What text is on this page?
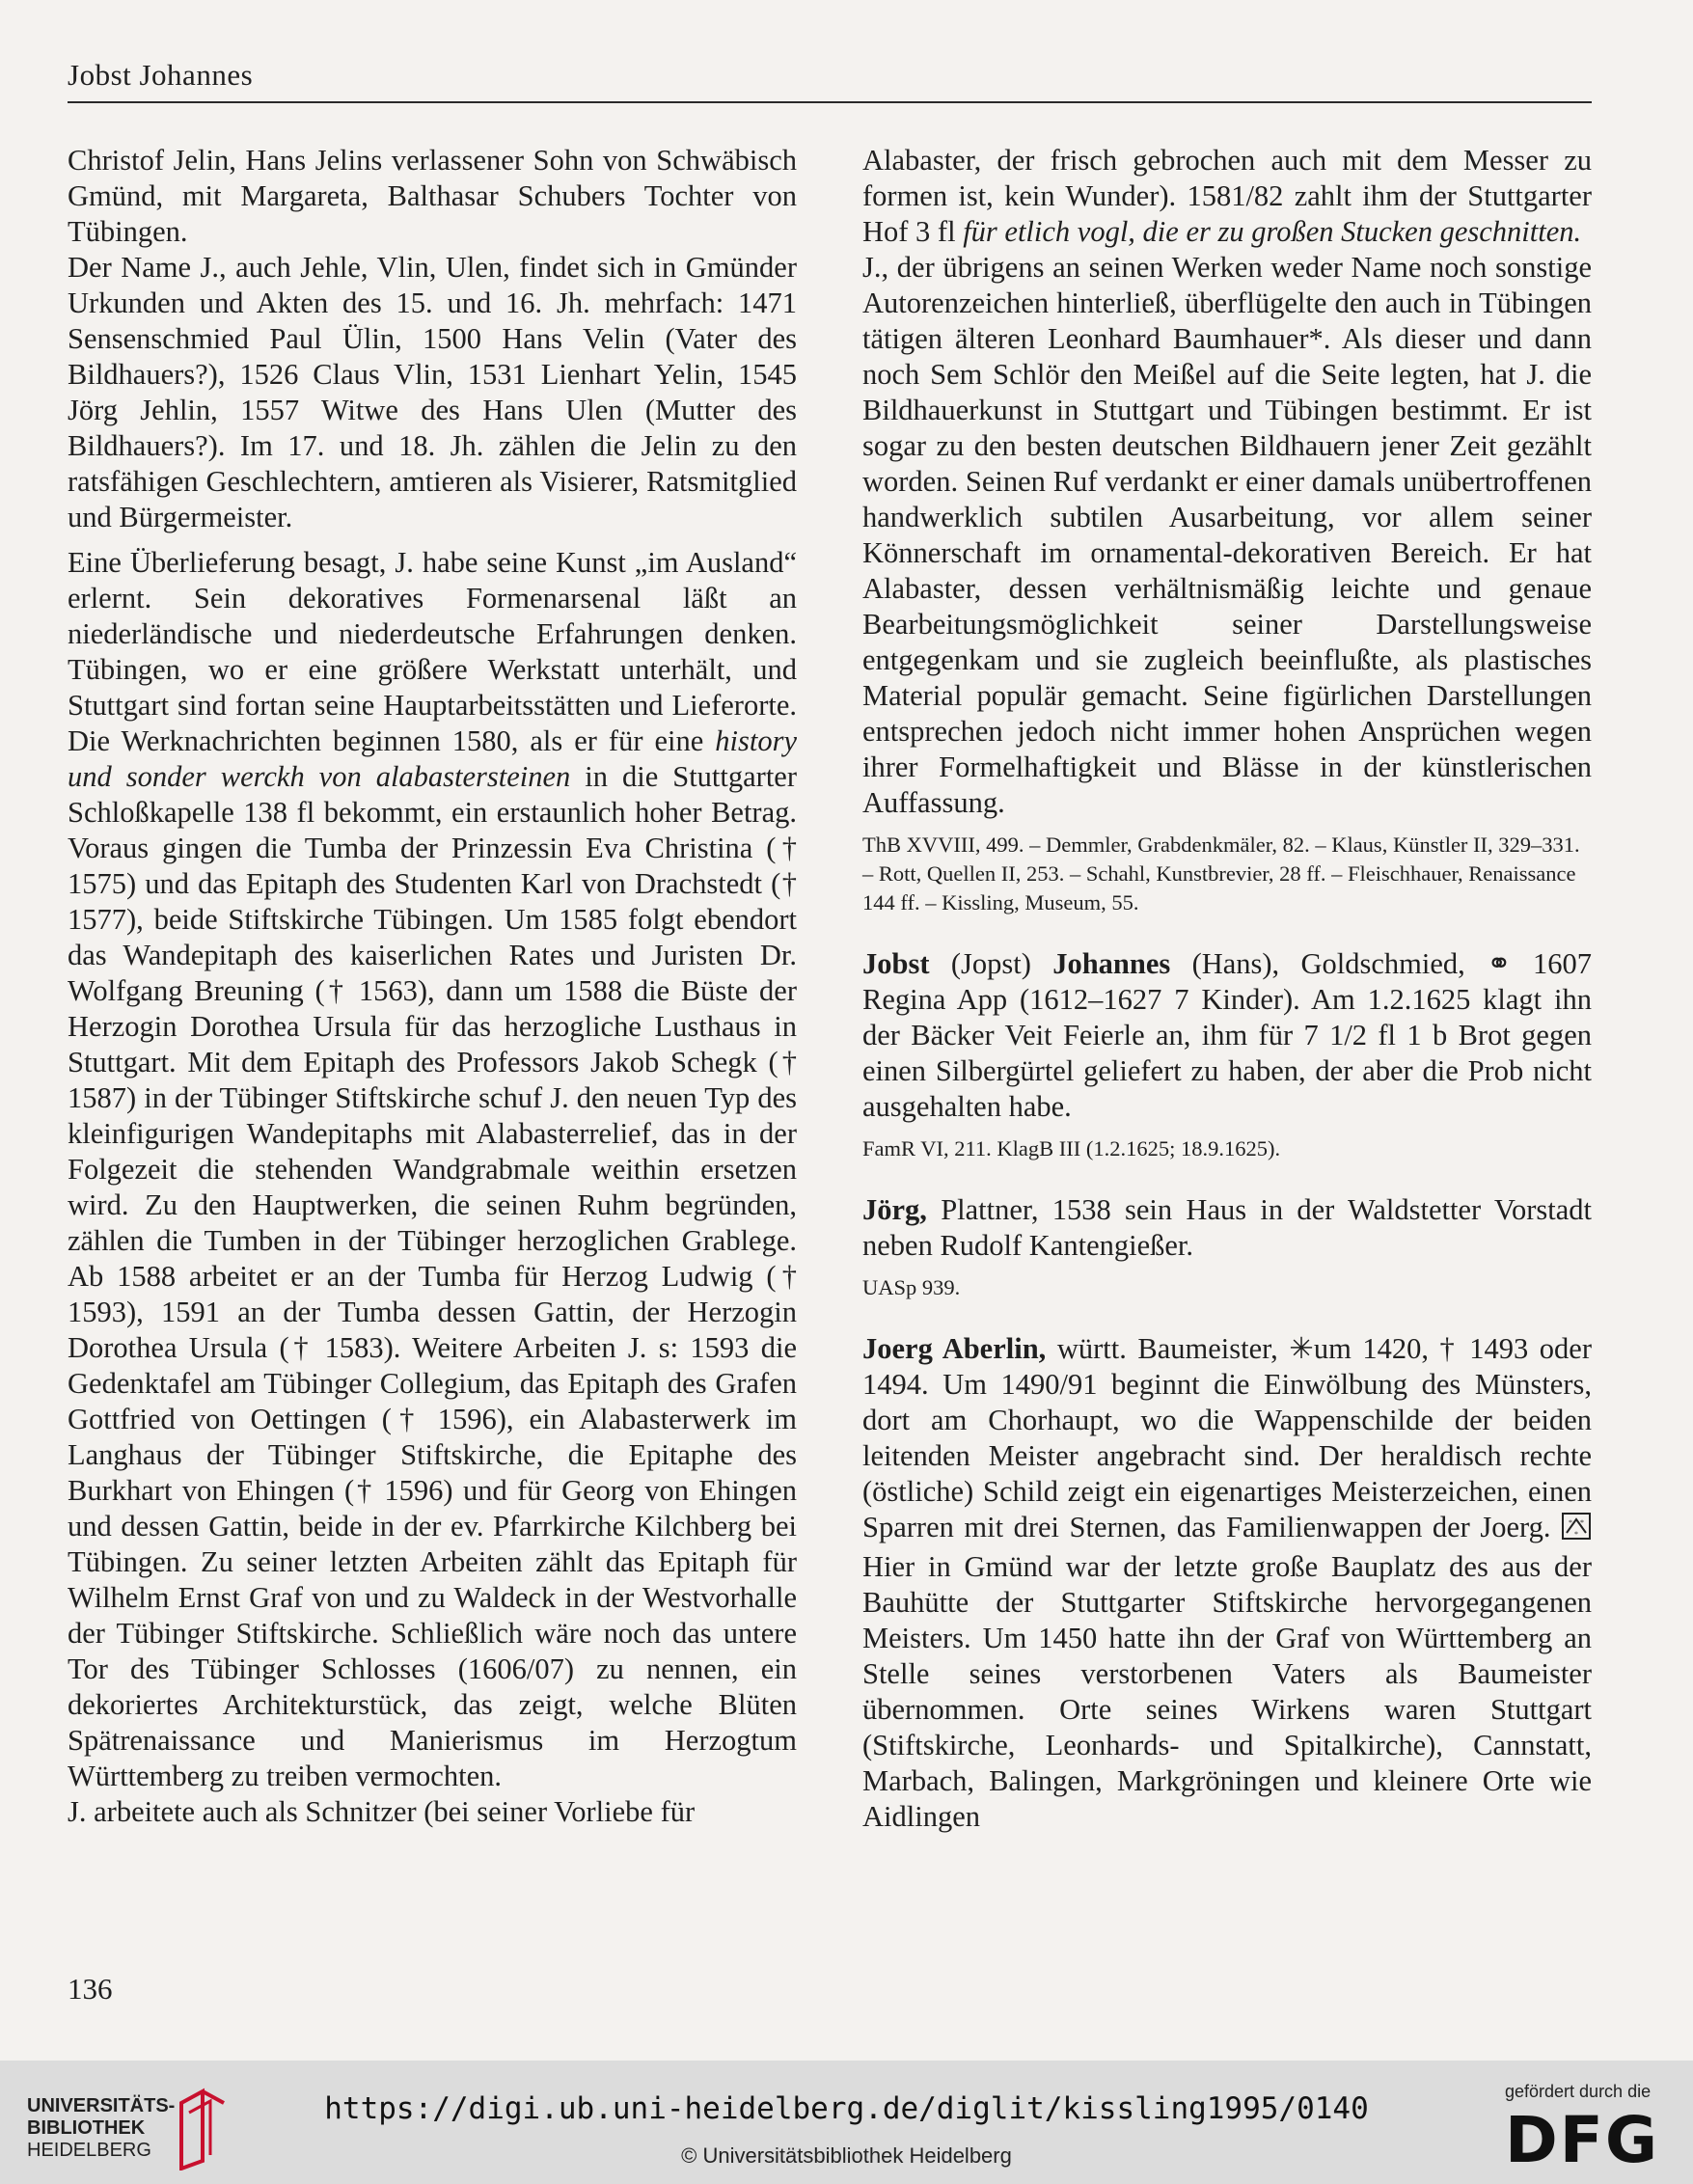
Jobst Johannes

Christof Jelin, Hans Jelins verlassener Sohn von Schwäbisch Gmünd, mit Margareta, Balthasar Schubers Tochter von Tübingen.

Der Name J., auch Jehle, Vlin, Ulen, findet sich in Gmünder Urkunden und Akten des 15. und 16. Jh. mehrfach: 1471 Sensenschmied Paul Ülin, 1500 Hans Velin (Vater des Bildhauers?), 1526 Claus Vlin, 1531 Lienhart Yelin, 1545 Jörg Jehlin, 1557 Witwe des Hans Ulen (Mutter des Bildhauers?). Im 17. und 18. Jh. zählen die Jelin zu den ratsfähigen Geschlechtern, amtieren als Visierer, Ratsmitglied und Bürgermeister.

Eine Überlieferung besagt, J. habe seine Kunst „im Ausland“ erlernt. Sein dekoratives Formenarsenal läßt an niederländische und niederdeutsche Erfahrungen denken. Tübingen, wo er eine größere Werkstatt unterhält, und Stuttgart sind fortan seine Hauptarbeitsstätten und Lieferorte. Die Werknachrichten beginnen 1580, als er für eine history und sonder werckh von alabastersteinen in die Stuttgarter Schloßkapelle 138 fl bekommt, ein erstaunlich hoher Betrag. Voraus gingen die Tumba der Prinzessin Eva Christina († 1575) und das Epitaph des Studenten Karl von Drachstedt († 1577), beide Stiftskirche Tübingen. Um 1585 folgt ebendort das Wandepitaph des kaiserlichen Rates und Juristen Dr. Wolfgang Breuning († 1563), dann um 1588 die Büste der Herzogin Dorothea Ursula für das herzogliche Lusthaus in Stuttgart. Mit dem Epitaph des Professors Jakob Schegk († 1587) in der Tübinger Stiftskirche schuf J. den neuen Typ des kleinfigurigen Wandepitaphs mit Alabasterrelief, das in der Folgezeit die stehenden Wandgrabmale weithin ersetzen wird. Zu den Hauptwerken, die seinen Ruhm begründen, zählen die Tumben in der Tübinger herzoglichen Grablege. Ab 1588 arbeitet er an der Tumba für Herzog Ludwig († 1593), 1591 an der Tumba dessen Gattin, der Herzogin Dorothea Ursula († 1583). Weitere Arbeiten J. s: 1593 die Gedenktafel am Tübinger Collegium, das Epitaph des Grafen Gottfried von Oettingen († 1596), ein Alabasterwerk im Langhaus der Tübinger Stiftskirche, die Epitaphe des Burkhart von Ehingen († 1596) und für Georg von Ehingen und dessen Gattin, beide in der ev. Pfarrkirche Kilchberg bei Tübingen. Zu seiner letzten Arbeiten zählt das Epitaph für Wilhelm Ernst Graf von und zu Waldeck in der Westvorhalle der Tübinger Stiftskirche. Schließlich wäre noch das untere Tor des Tübinger Schlosses (1606/07) zu nennen, ein dekoriertes Architekturstück, das zeigt, welche Blüten Spätrenaissance und Manierismus im Herzogtum Württemberg zu treiben vermochten.

J. arbeitete auch als Schnitzer (bei seiner Vorliebe für

Alabaster, der frisch gebrochen auch mit dem Messer zu formen ist, kein Wunder). 1581/82 zahlt ihm der Stuttgarter Hof 3 fl für etlich vogl, die er zu großen Stucken geschnitten.

J., der übrigens an seinen Werken weder Name noch sonstige Autorenzeichen hinterließ, überflügelte den auch in Tübingen tätigen älteren Leonhard Baumhauer*. Als dieser und dann noch Sem Schlör den Meißel auf die Seite legten, hat J. die Bildhauerkunst in Stuttgart und Tübingen bestimmt. Er ist sogar zu den besten deutschen Bildhauern jener Zeit gezählt worden. Seinen Ruf verdankt er einer damals unübertroffenen handwerklich subtilen Ausarbeitung, vor allem seiner Könnerschaft im ornamental-dekorativen Bereich. Er hat Alabaster, dessen verhältnismäßig leichte und genaue Bearbeitungsmöglichkeit seiner Darstellungsweise entgegenkam und sie zugleich beeinflußte, als plastisches Material populär gemacht. Seine figürlichen Darstellungen entsprechen jedoch nicht immer hohen Ansprüchen wegen ihrer Formelhaftigkeit und Blässe in der künstlerischen Auffassung.

ThB XVVIII, 499. – Demmler, Grabdenkmäler, 82. – Klaus, Künstler II, 329–331. – Rott, Quellen II, 253. – Schahl, Kunstbrevier, 28 ff. – Fleischhauer, Renaissance 144 ff. – Kissling, Museum, 55.

Jobst (Jopst) Johannes (Hans), Goldschmied, ⚭ 1607 Regina App (1612–1627 7 Kinder). Am 1.2.1625 klagt ihn der Bäcker Veit Feierle an, ihm für 7 1/2 fl 1 b Brot gegen einen Silbergürtel geliefert zu haben, der aber die Prob nicht ausgehalten habe.

FamR VI, 211. KlagB III (1.2.1625; 18.9.1625).

Jörg, Plattner, 1538 sein Haus in der Waldstetter Vorstadt neben Rudolf Kantengießer.

UASp 939.

Joerg Aberlin, württ. Baumeister, ✳um 1420, † 1493 oder 1494. Um 1490/91 beginnt die Einwölbung des Münsters, dort am Chorhaupt, wo die Wappenschilde der beiden leitenden Meister angebracht sind. Der heraldisch rechte (östliche) Schild zeigt ein eigenartiges Meisterzeichen, einen Sparren mit drei Sternen, das Familienwappen der Joerg. * *
*
Hier in Gmünd war der letzte große Bauplatz des aus der Bauhütte der Stuttgarter Stiftskirche hervorgegangenen Meisters. Um 1450 hatte ihn der Graf von Württemberg an Stelle seines verstorbenen Vaters als Baumeister übernommen. Orte seines Wirkens waren Stuttgart (Stiftskirche, Leonhards- und Spitalkirche), Cannstatt, Marbach, Balingen, Markgröningen und kleinere Orte wie Aidlingen

136
UNIVERSITÄTS-
BIBLIOTHEK
HEIDELBERG
https://digi.ub.uni-heidelberg.de/diglit/kissling1995/0140
© Universitätsbibliothek Heidelberg
gefördert durch die
DFG
